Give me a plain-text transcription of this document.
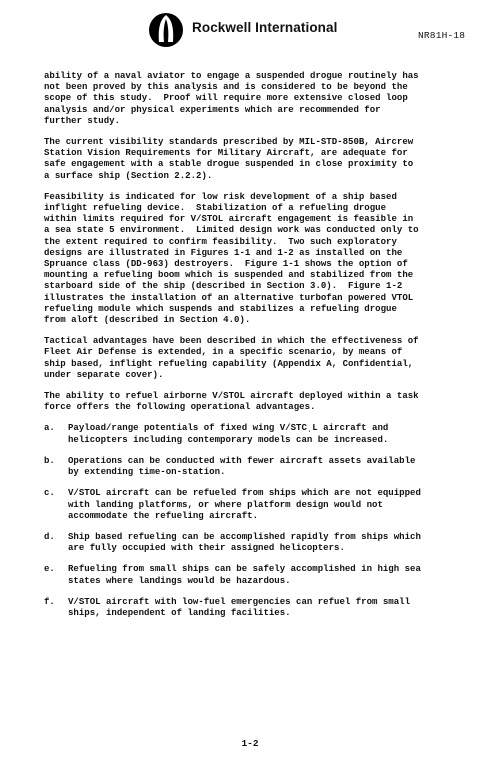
Rockwell International
NR81H-18

ability of a naval aviator to engage a suspended drogue routinely has
not been proved by this analysis and is considered to be beyond the
scope of this study.  Proof will require more extensive closed loop
analysis and/or physical experiments which are recommended for
further study.

The current visibility standards prescribed by MIL-STD-850B, Aircrew
Station Vision Requirements for Military Aircraft, are adequate for
safe engagement with a stable drogue suspended in close proximity to
a surface ship (Section 2.2.2).

Feasibility is indicated for low risk development of a ship based
inflight refueling device.  Stabilization of a refueling drogue
within limits required for V/STOL aircraft engagement is feasible in
a sea state 5 environment.  Limited design work was conducted only to
the extent required to confirm feasibility.  Two such exploratory
designs are illustrated in Figures 1-1 and 1-2 as installed on the
Spruance class (DD-963) destroyers.  Figure 1-1 shows the option of
mounting a refueling boom which is suspended and stabilized from the
starboard side of the ship (described in Section 3.0).  Figure 1-2
illustrates the installation of an alternative turbofan powered VTOL
refueling module which suspends and stabilizes a refueling drogue
from aloft (described in Section 4.0).

Tactical advantages have been described in which the effectiveness of
Fleet Air Defense is extended, in a specific scenario, by means of
ship based, inflight refueling capability (Appendix A, Confidential,
under separate cover).

The ability to refuel airborne V/STOL aircraft deployed within a task
force offers the following operational advantages.

a.	Payload/range potentials of fixed wing V/STCˌL aircraft and
helicopters including contemporary models can be increased.
b.	Operations can be conducted with fewer aircraft assets available
by extending time-on-station.
c.	V/STOL aircraft can be refueled from ships which are not equipped
with landing platforms, or where platform design would not
accommodate the refueling aircraft.
d.	Ship based refueling can be accomplished rapidly from ships which
are fully occupied with their assigned helicopters.
e.	Refueling from small ships can be safely accomplished in high sea
states where landings would be hazardous.
f.	V/STOL aircraft with low-fuel emergencies can refuel from small
ships, independent of landing facilities.
1-2
